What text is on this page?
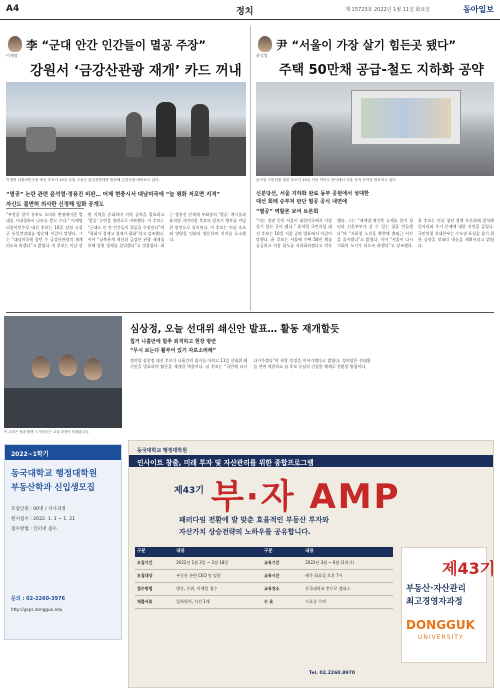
A4	정치	제 15723호 2022년 1월 11일 화요일	동아일보
이재명
李 “군대 안간 인간들이 멸공 주장”
강원서 ‘금강산관광 재개’ 카드 꺼내
이재명 더불어민주당 대선 후보가 10일 강원 고성군 통일전망대를 방문해 금강산을 바라보고 있다.
“멸공” 논란 관련 윤석열·정용진 비판… 어제 현충시서 대남미곡에 “늘 평화 저로면 지적”
자신도 불면허 의사한 신정해 일화 공개도
“부잣을 잘이 통치도 오의라 왼정에이한 멸대를 시대경하이 나라를 쌓고 수다.” 이재명 더불어민주당 대선 후보는 10일 강원 고성군 통일전망대를 방문해 이같이 말했다. 그는 “대남미곡에 참던 수 금강산관광의 재개 되도록 하겠다”고 밝혔다. 이 후보는 이날 강원 지역을 순회하며 지역 공약을 발표하고 ‘멸공’ 논란을 정면으로 비판했다. 이 후보는 “군대도 안 간 인간들이 멸공을 주장한다”며 “평화가 경제고 경제가 평화”라고 강조했다. 이어 “남북관계 개선과 금강산 관광 재개를 통해 강원 경제를 살리겠다”고 덧붙였다. 최근 정용진 신세계 부회장의 ‘멸공’ 게시물과 윤석열 국민의힘 후보의 장보기 행보를 겨냥한 발언으로 풀이된다. 이 후보는 이날 속초와 양양을 잇따라 방문하며 지지를 호소했다.
윤석열
尹 “서울이 가장 살기 힘든곳 됐다”
주택 50만채 공급-철도 지하화 공약
윤석열 국민의힘 대선 후보가 10일 서울 여의도 당사에서 서울 지역 공약을 발표하고 있다.
신분당선, 서울 지하화 완료 동부 공원에서 성대한 대선 회레 승부처 판단 멀공 공식 내면에
“멸공” 역할론 보여 토론회
“이는 정권 동안 서울이 대한민국에서 가장 살기 힘든 곳이 됐다.” 윤석열 국민의힘 대선 후보는 10일 서울 공약 발표에서 이같이 말했다. 윤 후보는 서울에 주택 50만 채를 공급하고 지상 철도를 지하화하겠다고 약속했다. 그는 “재개발·재건축 규제를 풀어 청년과 신혼부부가 살 수 있는 집을 만들겠다”며 “지하철 노선을 확충해 출퇴근 시간을 줄이겠다”고 밝혔다. 이어 “서울이 다시 기회의 도시가 되도록 하겠다”고 강조했다. 윤 후보는 이날 청년 정책 토론회에 참석해 일자리와 주거 문제에 대한 의견을 들었다. 국민의힘 선대본부는 수도권 표심을 잡기 위한 공약을 잇따라 내놓을 계획이라고 밝혔다.
이 교육은 성과 발생 시 이어지는 교육 과정이 포함됩니다.
2022~1학기
동국대학교 행정대학원
부동산학과 신입생모집
모집인원 : 00명 / 석사과정
원서접수 : 2022. 1. 3 ~ 1. 21
접수방법 : 인터넷 접수
문의 : 02-2260-3976
http://gsps.dongguk.edu
심상정, 오늘 선대위 쇄신안 발표… 활동 재개할듯
칩거 나흘만에 함추 퇴직하고 현장 방면
“무시 보는다 촬부어 있기 자로소려해”
정의당 심상정 대선 후보가 나흘간의 칩거를 마치고 11일 선대위 쇄신안을 발표하며 활동을 재개할 예정이다. 심 후보는 “국민께 다시 다가가겠다”며 현장 일정을 이어가겠다고 밝혔다. 정의당은 선대위를 전면 개편하고 심 후보 중심의 간결한 체제로 전환할 방침이다.
동국대학교 행정대학원
인사이트 창출, 미래 투자 및 자산관리를 위한 종합프로그램
제43기 부·자 AMP
패러다임 전환에 발 맞춘 효율적인 부동산 투자와
자산가치 상승전략의 노하우를 공유합니다.
구분	내용	구분	내용
모집기간	2022년 1월 3일 ~ 2월 18일	교육기간	2022년 3월 ~ 6월 (1학기)
모집대상	부동산 관련 CEO 및 임원	교육시간	매주 화요일 오후 7시
접수방법	방문, 우편, 이메일 접수	교육장소	동국대학교 충무로 캠퍼스
제출서류	입학원서, 사진 1매	수 료	수료증 수여
제43기
부동산·자산관리
최고경영자과정
DONGGUK
UNIVERSITY
Tel. 02.2260.8970
